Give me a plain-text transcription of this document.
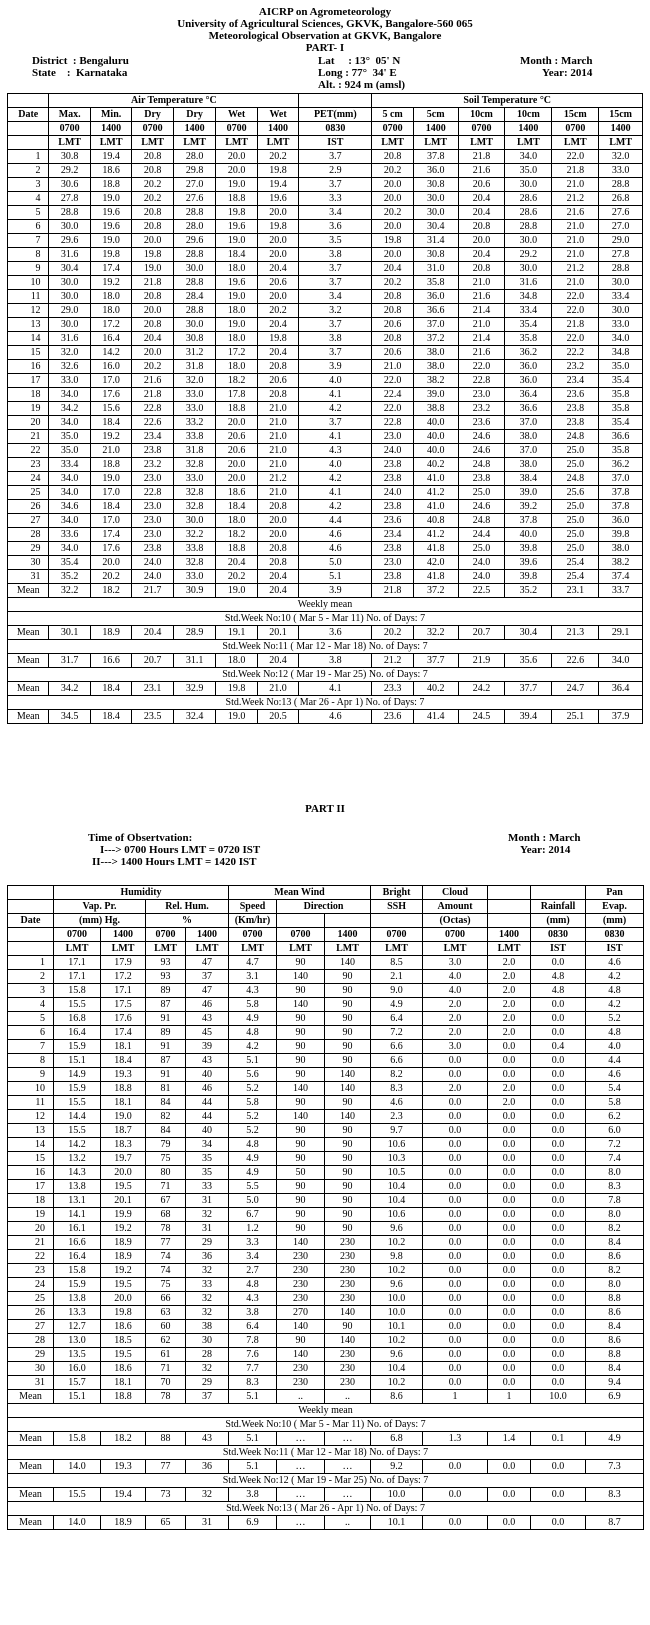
AICRP on Agrometeorology
University of Agricultural Sciences, GKVK, Bangalore-560 065
Meteorological Observation at GKVK, Bangalore
PART- I
District  : Bengaluru
State    :  Karnataka
Lat     : 13°  05' N
Long : 77°  34' E
Alt. : 924 m (amsl)
Month : March
Year: 2014
	Air Temperature °C							Soil Temperature °C					
Date	Max.	Min.	Dry	Dry	Wet	Wet	PET(mm)	5 cm	5cm	10cm	10cm	15cm	15cm
	0700	1400	0700	1400	0700	1400	0830	0700	1400	0700	1400	0700	1400
	LMT	LMT	LMT	LMT	LMT	LMT	IST	LMT	LMT	LMT	LMT	LMT	LMT
1	30.8	19.4	20.8	28.0	20.0	20.2	3.7	20.8	37.8	21.8	34.0	22.0	32.0
2	29.2	18.6	20.8	29.8	20.0	19.8	2.9	20.2	36.0	21.6	35.0	21.8	33.0
3	30.6	18.8	20.2	27.0	19.0	19.4	3.7	20.0	30.8	20.6	30.0	21.0	28.8
4	27.8	19.0	20.2	27.6	18.8	19.6	3.3	20.0	30.0	20.4	28.6	21.2	26.8
5	28.8	19.6	20.8	28.8	19.8	20.0	3.4	20.2	30.0	20.4	28.6	21.6	27.6
6	30.0	19.6	20.8	28.0	19.6	19.8	3.6	20.0	30.4	20.8	28.8	21.0	27.0
7	29.6	19.0	20.0	29.6	19.0	20.0	3.5	19.8	31.4	20.0	30.0	21.0	29.0
8	31.6	19.8	19.8	28.8	18.4	20.0	3.8	20.0	30.8	20.4	29.2	21.0	27.8
9	30.4	17.4	19.0	30.0	18.0	20.4	3.7	20.4	31.0	20.8	30.0	21.2	28.8
10	30.0	19.2	21.8	28.8	19.6	20.6	3.7	20.2	35.8	21.0	31.6	21.0	30.0
11	30.0	18.0	20.8	28.4	19.0	20.0	3.4	20.8	36.0	21.6	34.8	22.0	33.4
12	29.0	18.0	20.0	28.8	18.0	20.2	3.2	20.8	36.6	21.4	33.4	22.0	30.0
13	30.0	17.2	20.8	30.0	19.0	20.4	3.7	20.6	37.0	21.0	35.4	21.8	33.0
14	31.6	16.4	20.4	30.8	18.0	19.8	3.8	20.8	37.2	21.4	35.8	22.0	34.0
15	32.0	14.2	20.0	31.2	17.2	20.4	3.7	20.6	38.0	21.6	36.2	22.2	34.8
16	32.6	16.0	20.2	31.8	18.0	20.8	3.9	21.0	38.0	22.0	36.0	23.2	35.0
17	33.0	17.0	21.6	32.0	18.2	20.6	4.0	22.0	38.2	22.8	36.0	23.4	35.4
18	34.0	17.6	21.8	33.0	17.8	20.8	4.1	22.4	39.0	23.0	36.4	23.6	35.8
19	34.2	15.6	22.8	33.0	18.8	21.0	4.2	22.0	38.8	23.2	36.6	23.8	35.8
20	34.0	18.4	22.6	33.2	20.0	21.0	3.7	22.8	40.0	23.6	37.0	23.8	35.4
21	35.0	19.2	23.4	33.8	20.6	21.0	4.1	23.0	40.0	24.6	38.0	24.8	36.6
22	35.0	21.0	23.8	31.8	20.6	21.0	4.3	24.0	40.0	24.6	37.0	25.0	35.8
23	33.4	18.8	23.2	32.8	20.0	21.0	4.0	23.8	40.2	24.8	38.0	25.0	36.2
24	34.0	19.0	23.0	33.0	20.0	21.2	4.2	23.8	41.0	23.8	38.4	24.8	37.0
25	34.0	17.0	22.8	32.8	18.6	21.0	4.1	24.0	41.2	25.0	39.0	25.6	37.8
26	34.6	18.4	23.0	32.8	18.4	20.8	4.2	23.8	41.0	24.6	39.2	25.0	37.8
27	34.0	17.0	23.0	30.0	18.0	20.0	4.4	23.6	40.8	24.8	37.8	25.0	36.0
28	33.6	17.4	23.0	32.2	18.2	20.0	4.6	23.4	41.2	24.4	40.0	25.0	39.8
29	34.0	17.6	23.8	33.8	18.8	20.8	4.6	23.8	41.8	25.0	39.8	25.0	38.0
30	35.4	20.0	24.0	32.8	20.4	20.8	5.0	23.0	42.0	24.0	39.6	25.4	38.2
31	35.2	20.2	24.0	33.0	20.2	20.4	5.1	23.8	41.8	24.0	39.8	25.4	37.4
Mean	32.2	18.2	21.7	30.9	19.0	20.4	3.9	21.8	37.2	22.5	35.2	23.1	33.7
Weekly mean													
Std.Week No:10 ( Mar 5 - Mar 11) No. of Days: 7													
Mean	30.1	18.9	20.4	28.9	19.1	20.1	3.6	20.2	32.2	20.7	30.4	21.3	29.1
Std.Week No:11 ( Mar 12 - Mar 18) No. of Days: 7													
Mean	31.7	16.6	20.7	31.1	18.0	20.4	3.8	21.2	37.7	21.9	35.6	22.6	34.0
Std.Week No:12 ( Mar 19 - Mar 25) No. of Days: 7													
Mean	34.2	18.4	23.1	32.9	19.8	21.0	4.1	23.3	40.2	24.2	37.7	24.7	36.4
Std.Week No:13 ( Mar 26 - Apr 1) No. of Days: 7													
Mean	34.5	18.4	23.5	32.4	19.0	20.5	4.6	23.6	41.4	24.5	39.4	25.1	37.9
PART II
Time of Obsertvation:
I---> 0700 Hours LMT = 0720 IST
II---> 1400 Hours LMT = 1420 IST
Month : March
Year: 2014
	Humidity				Mean Wind			Bright	Cloud			Pan
	Vap. Pr.		Rel. Hum.		Speed	Direction		SSH	Amount		Rainfall	Evap.
Date	(mm) Hg.		%		(Km/hr)				(Octas)		(mm)	(mm)
	0700	1400	0700	1400	0700	0700	1400	0700	0700	1400	0830	0830
	LMT	LMT	LMT	LMT	LMT	LMT	LMT	LMT	LMT	LMT	IST	IST
1	17.1	17.9	93	47	4.7	90	140	8.5	3.0	2.0	0.0	4.6
2	17.1	17.2	93	37	3.1	140	90	2.1	4.0	2.0	4.8	4.2
3	15.8	17.1	89	47	4.3	90	90	9.0	4.0	2.0	4.8	4.8
4	15.5	17.5	87	46	5.8	140	90	4.9	2.0	2.0	0.0	4.2
5	16.8	17.6	91	43	4.9	90	90	6.4	2.0	2.0	0.0	5.2
6	16.4	17.4	89	45	4.8	90	90	7.2	2.0	2.0	0.0	4.8
7	15.9	18.1	91	39	4.2	90	90	6.6	3.0	0.0	0.4	4.0
8	15.1	18.4	87	43	5.1	90	90	6.6	0.0	0.0	0.0	4.4
9	14.9	19.3	91	40	5.6	90	140	8.2	0.0	0.0	0.0	4.6
10	15.9	18.8	81	46	5.2	140	140	8.3	2.0	2.0	0.0	5.4
11	15.5	18.1	84	44	5.8	90	90	4.6	0.0	2.0	0.0	5.8
12	14.4	19.0	82	44	5.2	140	140	2.3	0.0	0.0	0.0	6.2
13	15.5	18.7	84	40	5.2	90	90	9.7	0.0	0.0	0.0	6.0
14	14.2	18.3	79	34	4.8	90	90	10.6	0.0	0.0	0.0	7.2
15	13.2	19.7	75	35	4.9	90	90	10.3	0.0	0.0	0.0	7.4
16	14.3	20.0	80	35	4.9	50	90	10.5	0.0	0.0	0.0	8.0
17	13.8	19.5	71	33	5.5	90	90	10.4	0.0	0.0	0.0	8.3
18	13.1	20.1	67	31	5.0	90	90	10.4	0.0	0.0	0.0	7.8
19	14.1	19.9	68	32	6.7	90	90	10.6	0.0	0.0	0.0	8.0
20	16.1	19.2	78	31	1.2	90	90	9.6	0.0	0.0	0.0	8.2
21	16.6	18.9	77	29	3.3	140	230	10.2	0.0	0.0	0.0	8.4
22	16.4	18.9	74	36	3.4	230	230	9.8	0.0	0.0	0.0	8.6
23	15.8	19.2	74	32	2.7	230	230	10.2	0.0	0.0	0.0	8.2
24	15.9	19.5	75	33	4.8	230	230	9.6	0.0	0.0	0.0	8.0
25	13.8	20.0	66	32	4.3	230	230	10.0	0.0	0.0	0.0	8.8
26	13.3	19.8	63	32	3.8	270	140	10.0	0.0	0.0	0.0	8.6
27	12.7	18.6	60	38	6.4	140	90	10.1	0.0	0.0	0.0	8.4
28	13.0	18.5	62	30	7.8	90	140	10.2	0.0	0.0	0.0	8.6
29	13.5	19.5	61	28	7.6	140	230	9.6	0.0	0.0	0.0	8.8
30	16.0	18.6	71	32	7.7	230	230	10.4	0.0	0.0	0.0	8.4
31	15.7	18.1	70	29	8.3	230	230	10.2	0.0	0.0	0.0	9.4
Mean	15.1	18.8	78	37	5.1	..	..	8.6	1	1	10.0	6.9
Weekly mean												
Std.Week No:10 ( Mar 5 - Mar 11) No. of Days: 7												
Mean	15.8	18.2	88	43	5.1	…	…	6.8	1.3	1.4	0.1	4.9
Std.Week No:11 ( Mar 12 - Mar 18) No. of Days: 7												
Mean	14.0	19.3	77	36	5.1	…	…	9.2	0.0	0.0	0.0	7.3
Std.Week No:12 ( Mar 19 - Mar 25) No. of Days: 7												
Mean	15.5	19.4	73	32	3.8	…	…	10.0	0.0	0.0	0.0	8.3
Std.Week No:13 ( Mar 26 - Apr 1) No. of Days: 7												
Mean	14.0	18.9	65	31	6.9	…	..	10.1	0.0	0.0	0.0	8.7
